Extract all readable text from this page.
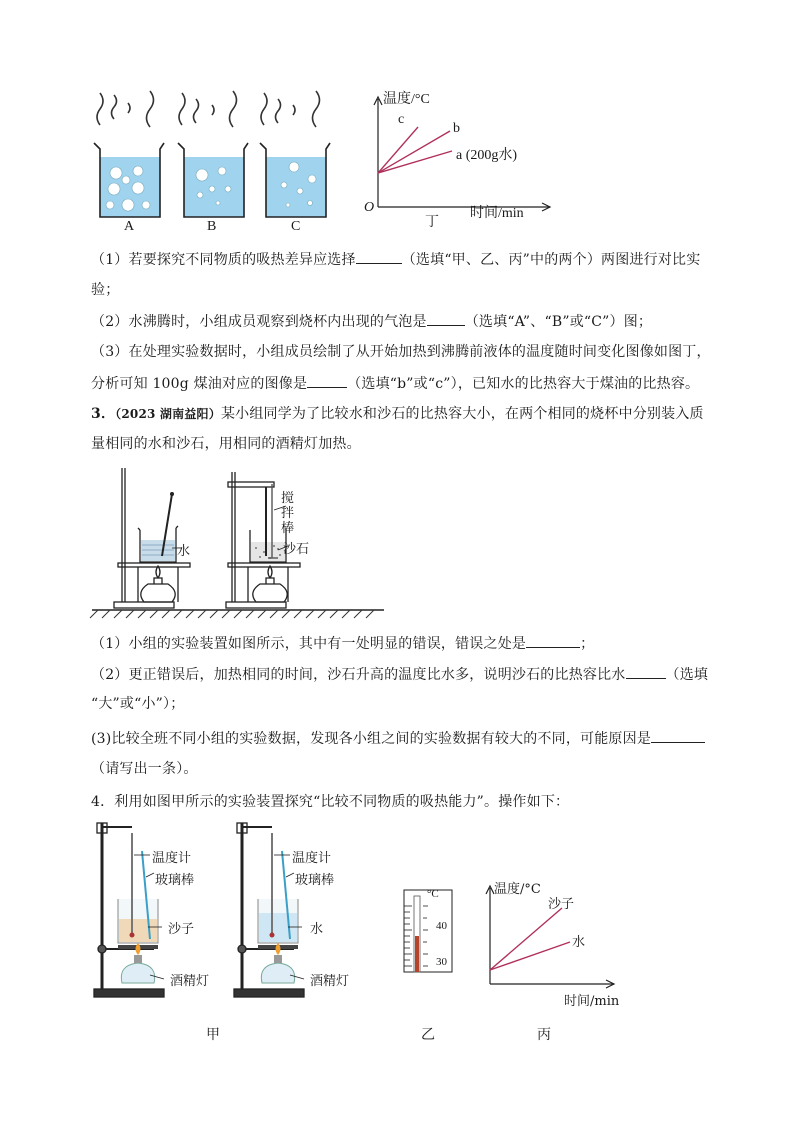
A	B	C
温度/°C
c
b
a (200g水)
O	时间/min
丁
（1）若要探究不同物质的吸热差异应选择	（选填“甲、乙、丙”中的两个）两图进行对比实
验；
（2）水沸腾时，小组成员观察到烧杯内出现的气泡是	（选填“A”、“B”或“C”）图；
（3）在处理实验数据时，小组成员绘制了从开始加热到沸腾前液体的温度随时间变化图像如图丁，
分析可知 100g 煤油对应的图像是	（选填“b”或“c”），已知水的比热容大于煤油的比热容。
3．（2023 湖南益阳）某小组同学为了比较水和沙石的比热容大小，在两个相同的烧杯中分别装入质
量相同的水和沙石，用相同的酒精灯加热。
水
搅
拌
棒
沙石
（1）小组的实验装置如图所示，其中有一处明显的错误，错误之处是	；
（2）更正错误后，加热相同的时间，沙石升高的温度比水多，说明沙石的比热容比水	（选填
“大”或“小”）；
(3)比较全班不同小组的实验数据，发现各小组之间的实验数据有较大的不同，可能原因是
（请写出一条）。
4．利用如图甲所示的实验装置探究“比较不同物质的吸热能力”。操作如下：
温度计
玻璃棒
沙子
酒精灯
温度计
玻璃棒
水
酒精灯
°C
40
30
温度/°C
沙子
水
时间/min
甲	乙	丙
